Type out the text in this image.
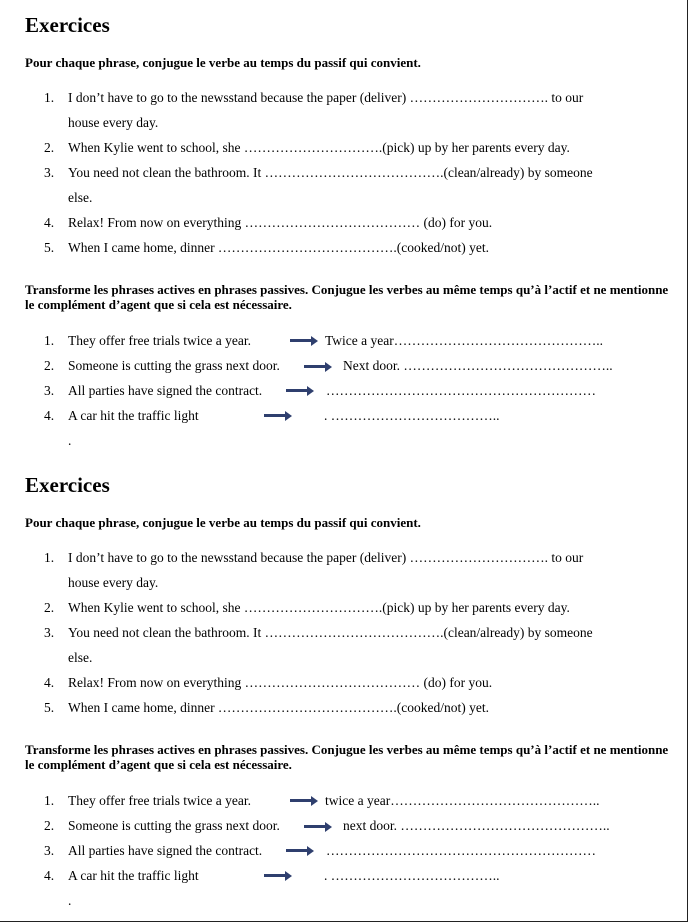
Exercices

Pour chaque phrase, conjugue le verbe au temps du passif qui convient.

1. I don’t have to go to the newsstand because the paper (deliver) …………………………. to our
house every day.
2. When Kylie went to school, she ………………………….(pick) up by her parents every day.
3. You need not clean the bathroom. It ………………………………….(clean/already) by someone
else.
4. Relax! From now on everything ………………………………… (do) for you.
5. When I came home, dinner ………………………………….(cooked/not) yet.

Transforme les phrases actives en phrases passives. Conjugue les verbes au même temps qu’à l’actif et ne mentionne le complément d’agent que si cela est nécessaire.

1. They offer free trials twice a year.	Twice a year………………………………………..
2. Someone is cutting the grass next door.	Next door. ………………………………………..
3. All parties have signed the contract.	……………………………………………………
4. A car hit the traffic light	. ………………………………..
.
Exercices

Pour chaque phrase, conjugue le verbe au temps du passif qui convient.

1. I don’t have to go to the newsstand because the paper (deliver) …………………………. to our
house every day.
2. When Kylie went to school, she ………………………….(pick) up by her parents every day.
3. You need not clean the bathroom. It ………………………………….(clean/already) by someone
else.
4. Relax! From now on everything ………………………………… (do) for you.
5. When I came home, dinner ………………………………….(cooked/not) yet.

Transforme les phrases actives en phrases passives. Conjugue les verbes au même temps qu’à l’actif et ne mentionne le complément d’agent que si cela est nécessaire.

1. They offer free trials twice a year.	twice a year………………………………………..
2. Someone is cutting the grass next door.	next door. ………………………………………..
3. All parties have signed the contract.	……………………………………………………
4. A car hit the traffic light	. ………………………………..
.
